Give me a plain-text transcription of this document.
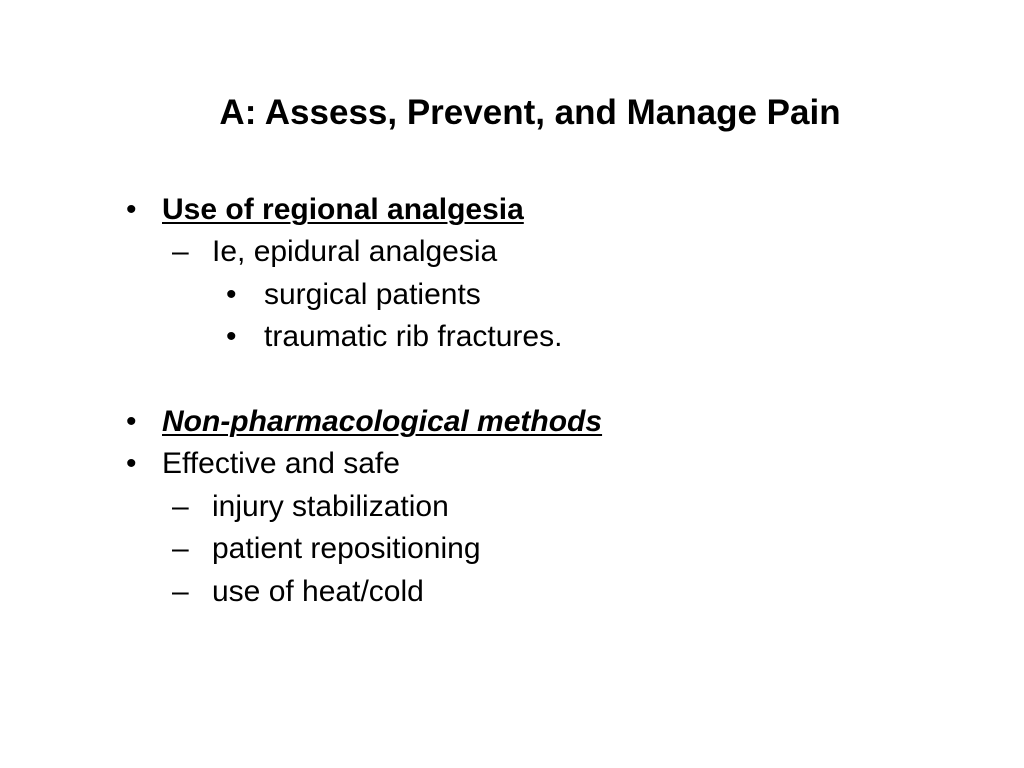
A: Assess, Prevent, and Manage Pain
• Use of regional analgesia
– Ie, epidural analgesia
• surgical patients
• traumatic rib fractures.
• Non-pharmacological methods
• Effective and safe
– injury stabilization
– patient repositioning
– use of heat/cold
